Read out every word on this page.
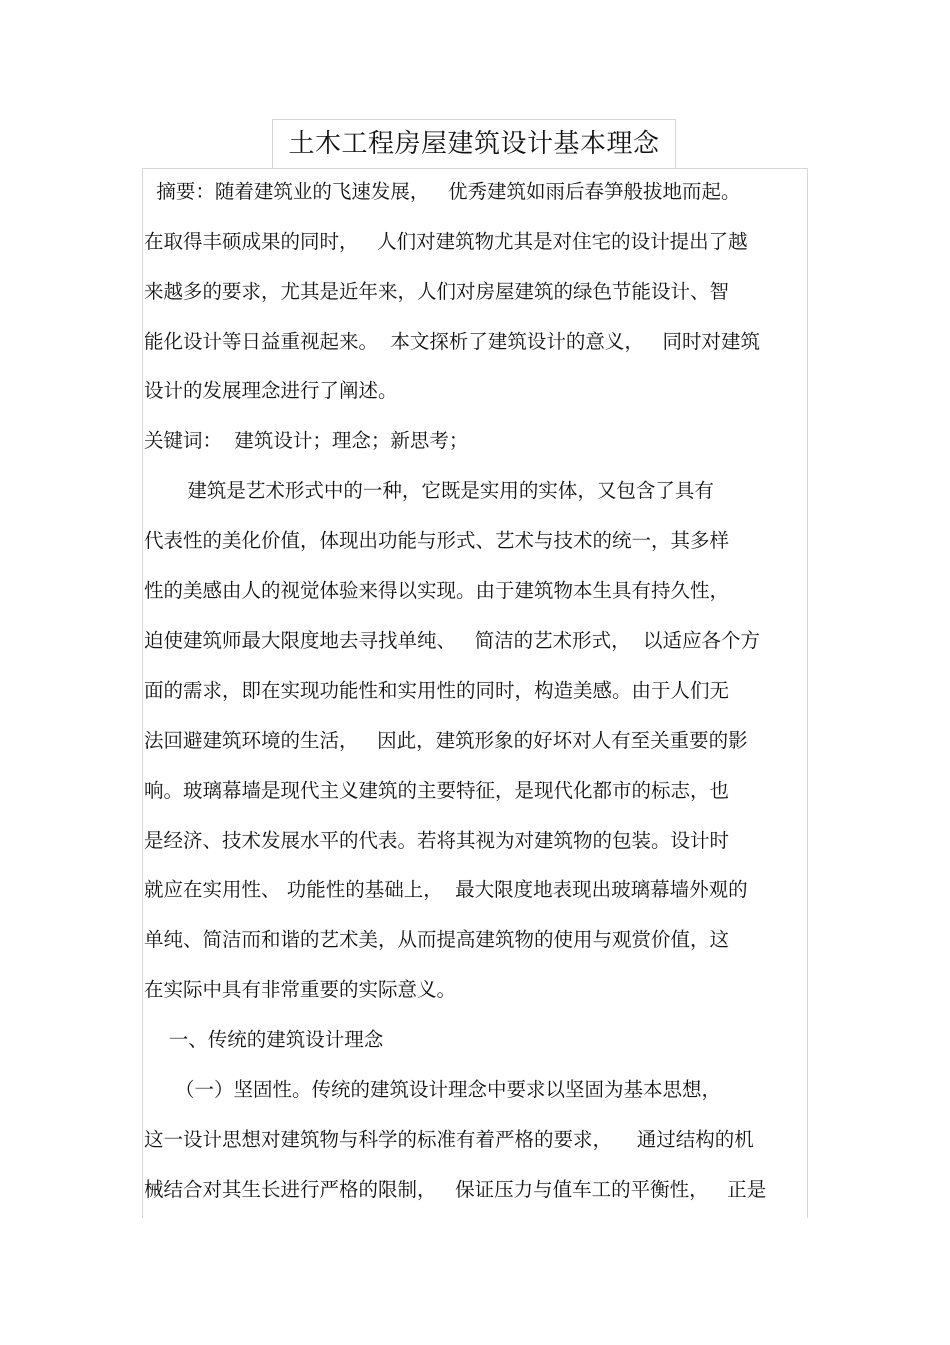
土木工程房屋建筑设计基本理念
摘要：随着建筑业的飞速发展，   优秀建筑如雨后春笋般拔地而起。
在取得丰硕成果的同时，   人们对建筑物尤其是对住宅的设计提出了越
来越多的要求，尤其是近年来，人们对房屋建筑的绿色节能设计、智
能化设计等日益重视起来。  本文探析了建筑设计的意义，   同时对建筑
设计的发展理念进行了阐述。
关键词：  建筑设计；理念；新思考；
建筑是艺术形式中的一种，它既是实用的实体，又包含了具有
代表性的美化价值，体现出功能与形式、艺术与技术的统一，其多样
性的美感由人的视觉体验来得以实现。由于建筑物本生具有持久性，
迫使建筑师最大限度地去寻找单纯、   简洁的艺术形式，  以适应各个方
面的需求，即在实现功能性和实用性的同时，构造美感。由于人们无
法回避建筑环境的生活，   因此，建筑形象的好坏对人有至关重要的影
响。玻璃幕墙是现代主义建筑的主要特征，是现代化都市的标志，也
是经济、技术发展水平的代表。若将其视为对建筑物的包装。设计时
就应在实用性、 功能性的基础上，  最大限度地表现出玻璃幕墙外观的
单纯、简洁而和谐的艺术美，从而提高建筑物的使用与观赏价值，这
在实际中具有非常重要的实际意义。
一、传统的建筑设计理念
（一）坚固性。传统的建筑设计理念中要求以坚固为基本思想，
这一设计思想对建筑物与科学的标准有着严格的要求，    通过结构的机
械结合对其生长进行严格的限制，   保证压力与值车工的平衡性，   正是
